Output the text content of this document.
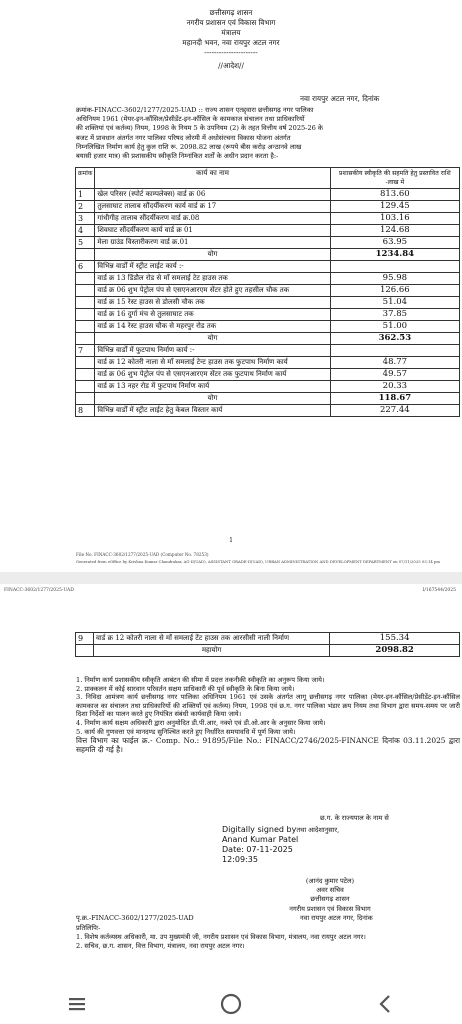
छत्तीसगढ़ शासन
नगरीय प्रशासन एवं विकास विभाग
मंत्रालय
महानदी भवन, नवा रायपुर अटल नगर
----------------------
//आदेश//
नवा रायपुर अटल नगर, दिनांक
क्रमांक-FINACC-3602/1277/2025-UAD :: राज्य शासन एतद्द्वारा छत्तीसगढ़ नगर पालिका
अधिनियम 1961 (मेयर-इन-कौंसिल/प्रेसीडेंट-इन-कौंसिल के कामकाज संचालन तथा प्राधिकारियों
की शक्तियां एवं कर्तव्य) नियम, 1998 के नियम 5 के उपनियम (2) के तहत वित्तीय वर्ष 2025-26 के
बजट में प्रावधान अंतर्गत नगर पालिका परिषद लोरमी में अधोसंरचना विकास योजना अंतर्गत
निम्नलिखित निर्माण कार्य हेतु कुल राशि रू. 2098.82 लाख (रूपये बीस करोड़ अन्ठानवे लाख
बयासी हजार मात्र) की प्रशासकीय स्वीकृति निम्नांकित शर्तों के अधीन प्रदान करता है:-
क्रमांक	कार्य का नाम	प्रशासकीय स्वीकृति की सहमति हेतु प्रस्तावित राशि -लाख में
1	खेल परिसर (स्पोर्ट काम्पलेक्स) वार्ड क्र 06	813.60
2	तुलसाघाट तालाब सौंदर्यीकरण कार्य वार्ड क्र 17	129.45
3	गांधीगीह तालाब सौंदर्यीकरण वार्ड क्र.08	103.16
4	शिवघाट सौंदर्यीकरण कार्य वार्ड क्र 01	124.68
5	मेला ग्राउंड विस्तारीकरण वार्ड क्र.01	63.95
	योग	1234.84
6	विभिन्न वार्डों में स्ट्रीट लाईट कार्य :-	
	वार्ड क्र 13 डिंडौल रोड से माँ समलाई टेट हाउस तक	95.98
	वार्ड क्र 06 शुभ पेट्रोल पंप से एसएनआरएम सेंटर होते हुए तहसील चौक तक	126.66
	वार्ड क्र 15 रेस्ट हाउस से डोलसी चौक तक	51.04
	वार्ड क्र 16 दुर्गा मंच से तुलसाघाट तक	37.85
	वार्ड क्र 14 रेस्ट हाउस चौक से महरपुर रोड तक	51.00
	योग	362.53
7	विभिन्न वार्डों में फुटपाथ निर्माण कार्य :-	
	वार्ड क्र 12 कोतरी नाला से माँ समलाई टेन्ट हाउस तक फुटपाथ निर्माण कार्य	48.77
	वार्ड क्र 06 शुभ पेट्रोल पंप से एसएनआरएम सेंटर तक फुटपाथ निर्माण कार्य	49.57
	वार्ड क्र 13 नहर रोड में फुटपाथ निर्माण कार्य	20.33
	योग	118.67
8	विभिन्न वार्डों में स्ट्रीट लाईट हेतु केबल विस्तार कार्य	227.44
1
File No. FINACC-3602/1277/2025-UAD (Computer No. 78253)
Generated from eOffice by Krishna Kumar Chandrakar, AG-II(UAD), ASSISTANT GRADE-II(UAD), URBAN ADMINISTRATION AND DEVELOPMENT DEPARTMENT on 07/11/2025 03:14 pm
FINACC-3602/1277/2025-UAD	I/167544/2025
9	वार्ड क्र 12 कोतरी नाला से माँ समलाई टेंट हाउस तक आरसीसी नाली निर्माण	155.34
	महायोग	2098.82
1. निर्माण कार्य प्रशासकीय स्वीकृति आबंटन की सीमा में प्रदत्त तकनीकी स्वीकृति का अनुरूप किया जाये।
2. प्राक्कलन में कोई सारवान परिवर्तन सक्षम प्राधिकारी की पूर्व स्वीकृति के बिना किया जाये।
3. निविदा आमंत्रण कार्य छत्तीसगढ़ नगर पालिका अधिनियम 1961 एवं उसके अंतर्गत लागू छत्तीसगढ़ नगर पालिका (मेयर-इन-कौंसिल/प्रेसीडेंट-इन-कौंसिल कामकाज का संचालन तथा प्राधिकारियों की शक्तियाँ एवं कर्तव्य) नियम, 1998 एवं छ.ग. नगर पालिका भंडार क्रय नियम तथा विभाग द्वारा समय-समय पर जारी दिशा निर्देशों का पालन करते हुए नियंत्रित संबंधी कार्यवाही किया जाये।
4. निर्माण कार्य सक्षम अधिकारी द्वारा अनुमोदित डी.पी.आर, नक्शे एवं डी.ओ.आर के अनुसार किया जाये।
5. कार्य की गुणवत्ता एवं मानदण्ड सुनिश्चित करते हुए निर्धारित समयावधि में पूर्ण किया जाये।
वित्त विभाग का फाईल क्र.- Comp. No.: 91895/File No.: FINACC/2746/2025-FINANCE दिनांक 03.11.2025 द्वारा सहमति दी गई है।
छ.ग. के राज्यपाल के नाम से
Digitally signed byतथा आदेशानुसार,
Anand Kumar Patel
Date: 07-11-2025
12:09:35
(आनंद कुमार पटेल)
अवर सचिव
छत्तीसगढ़ शासन
नगरीय प्रशासन एवं विकास विभाग
पृ.क्र.-FINACC-3602/1277/2025-UAD	नवा रायपुर अटल नगर, दिनांक
प्रतिलिपिः-
1. विशेष कर्तव्यस्थ अधिकारी, मा. उप मुख्यमंत्री जी, नगरीय प्रशासन एवं विकास विभाग, मंत्रालय, नवा रायपुर अटल नगर।
2. सचिव, छ.ग. शासन, वित्त विभाग, मंत्रालय, नवा रायपुर अटल नगर।
